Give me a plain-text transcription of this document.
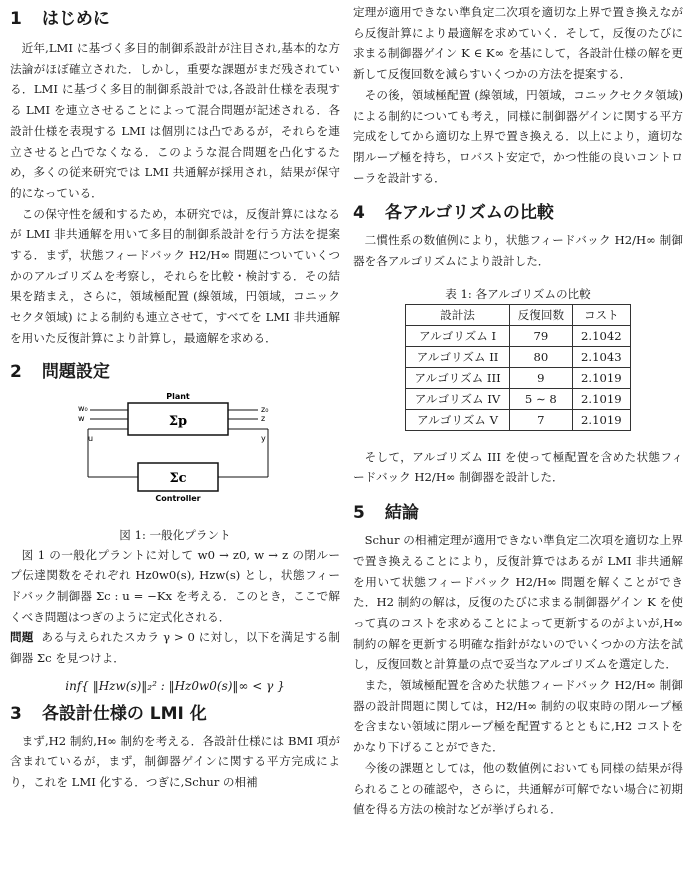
1 はじめに

近年,LMI に基づく多目的制御系設計が注目され,基本的な方法論がほぼ確立された．しかし，重要な課題がまだ残されている．LMI に基づく多目的制御系設計では,各設計仕様を表現する LMI を連立させることによって混合問題が記述される．各設計仕様を表現する LMI は個別には凸であるが，それらを連立させると凸でなくなる．このような混合問題を凸化するため，多くの従来研究では LMI 共通解が採用され，結果が保守的になっている．

この保守性を緩和するため，本研究では，反復計算にはなるが LMI 非共通解を用いて多目的制御系設計を行う方法を提案する．まず，状態フィードバック H2/H∞ 問題についていくつかのアルゴリズムを考察し，それらを比較・検討する．その結果を踏まえ，さらに，領域極配置 (線領域，円領域，コニックセクタ領域) による制約も連立させて，すべてを LMI 非共通解を用いた反復計算により計算し，最適解を求める．

2 問題設定
Plant
Σp
w₀
w
z₀
z
u	y
Σc
Controller
図 1: 一般化プラント

図 1 の一般化プラントに対して w0 → z0, w → z の閉ループ伝達関数をそれぞれ Hz0w0(s), Hzw(s) とし，状態フィードバック制御器 Σc : u = −Kx を考える．このとき，ここで解くべき問題はつぎのように定式化される．

問題 ある与えられたスカラ γ > 0 に対し，以下を満足する制御器 Σc を見つけよ．

inf{ ‖Hzw(s)‖₂² : ‖Hz0w0(s)‖∞ < γ }
3 各設計仕様の LMI 化

まず,H2 制約,H∞ 制約を考える．各設計仕様には BMI 項が含まれているが，まず，制御器ゲインに関する平方完成により，これを LMI 化する．つぎに,Schur の相補

定理が適用できない準負定二次項を適切な上界で置き換えながら反復計算により最適解を求めていく．そして，反復のたびに求まる制御器ゲイン K ∈ K∞ を基にして，各設計仕様の解を更新して反復回数を減らすいくつかの方法を提案する．

その後，領域極配置 (線領域，円領域，コニックセクタ領域) による制約についても考え，同様に制御器ゲインに関する平方完成をしてから適切な上界で置き換える．以上により，適切な閉ループ極を持ち，ロバスト安定で，かつ性能の良いコントローラを設計する．

4 各アルゴリズムの比較

二慣性系の数値例により，状態フィードバック H2/H∞ 制御器を各アルゴリズムにより設計した．

表 1: 各アルゴリズムの比較
設計法	反復回数	コスト
アルゴリズム I	79	2.1042
アルゴリズム II	80	2.1043
アルゴリズム III	9	2.1019
アルゴリズム IV	5 ∼ 8	2.1019
アルゴリズム V	7	2.1019

そして，アルゴリズム III を使って極配置を含めた状態フィードバック H2/H∞ 制御器を設計した．

5 結論

Schur の相補定理が適用できない準負定二次項を適切な上界で置き換えることにより，反復計算ではあるが LMI 非共通解を用いて状態フィードバック H2/H∞ 問題を解くことができた．H2 制約の解は，反復のたびに求まる制御器ゲイン K を使って真のコストを求めることによって更新するのがよいが,H∞ 制約の解を更新する明確な指針がないのでいくつかの方法を試し，反復回数と計算量の点で妥当なアルゴリズムを選定した．

また，領域極配置を含めた状態フィードバック H2/H∞ 制御器の設計問題に関しては，H2/H∞ 制約の収束時の閉ループ極を含まない領域に閉ループ極を配置するとともに,H2 コストをかなり下げることができた．

今後の課題としては，他の数値例においても同様の結果が得られることの確認や，さらに，共通解が可解でない場合に初期値を得る方法の検討などが挙げられる．
